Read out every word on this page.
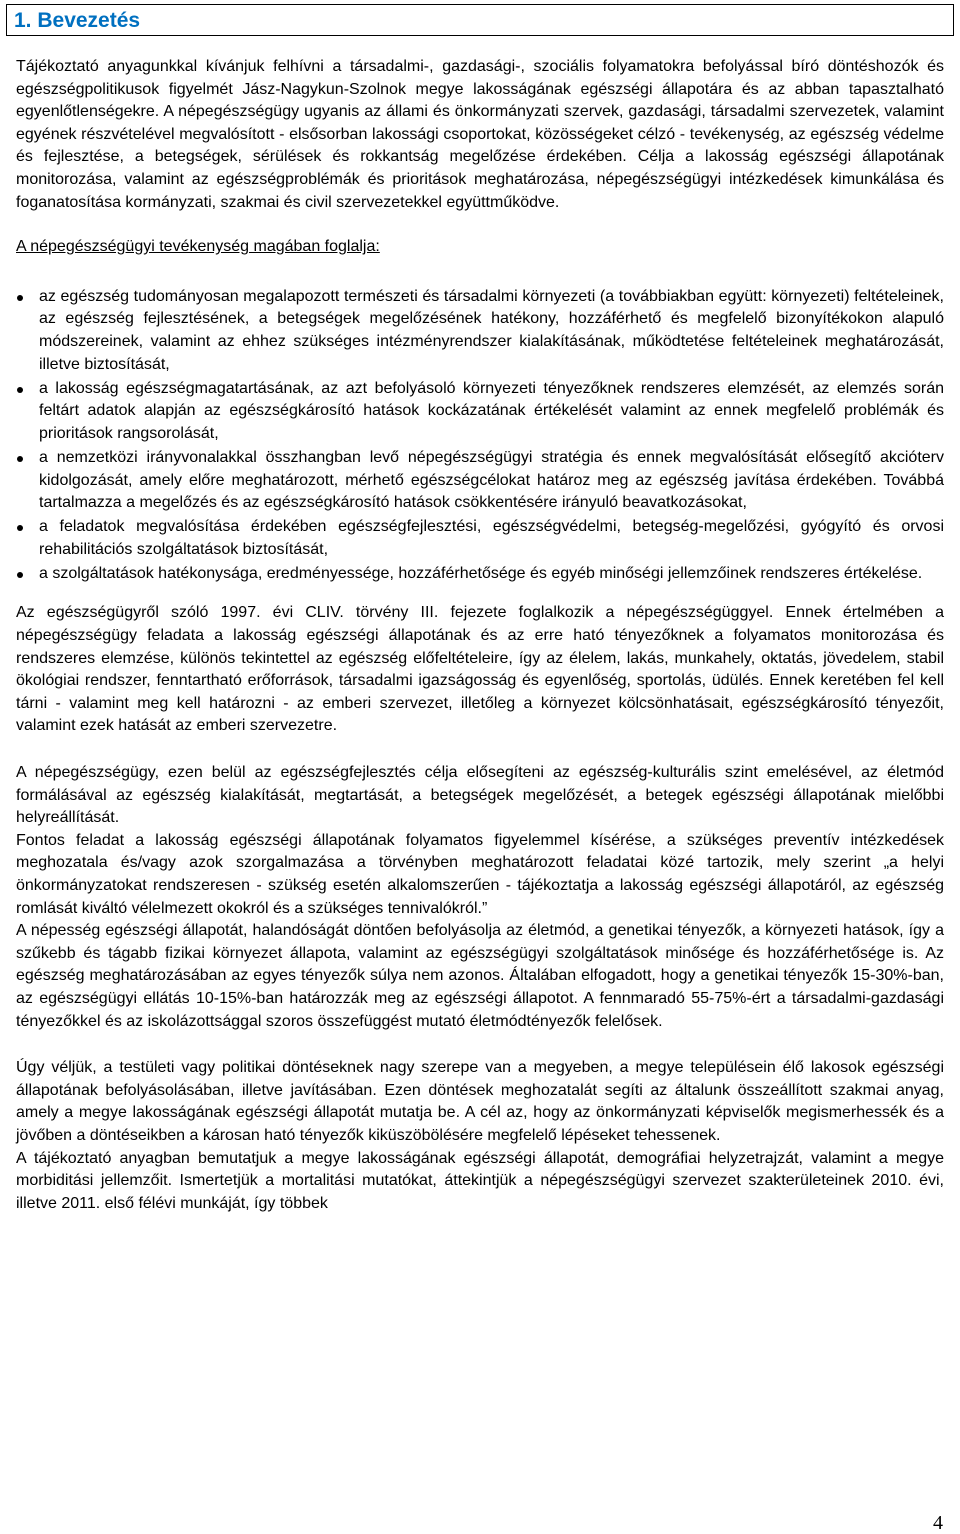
1. Bevezetés

Tájékoztató anyagunkkal kívánjuk felhívni a társadalmi-, gazdasági-, szociális folyamatokra befolyással bíró döntéshozók és egészségpolitikusok figyelmét Jász-Nagykun-Szolnok megye lakosságának egészségi állapotára és az abban tapasztalható egyenlőtlenségekre. A népegészségügy ugyanis az állami és önkormányzati szervek, gazdasági, társadalmi szervezetek, valamint egyének részvételével megvalósított - elsősorban lakossági csoportokat, közösségeket célzó - tevékenység, az egészség védelme és fejlesztése, a betegségek, sérülések és rokkantság megelőzése érdekében. Célja a lakosság egészségi állapotának monitorozása, valamint az egészségproblémák és prioritások meghatározása, népegészségügyi intézkedések kimunkálása és foganatosítása kormányzati, szakmai és civil szervezetekkel együttműködve.

A népegészségügyi tevékenység magában foglalja:

az egészség tudományosan megalapozott természeti és társadalmi környezeti (a továbbiakban együtt: környezeti) feltételeinek, az egészség fejlesztésének, a betegségek megelőzésének hatékony, hozzáférhető és megfelelő bizonyítékokon alapuló módszereinek, valamint az ehhez szükséges intézményrendszer kialakításának, működtetése feltételeinek meghatározását, illetve biztosítását,
a lakosság egészségmagatartásának, az azt befolyásoló környezeti tényezőknek rendszeres elemzését, az elemzés során feltárt adatok alapján az egészségkárosító hatások kockázatának értékelését valamint az ennek megfelelő problémák és prioritások rangsorolását,
a nemzetközi irányvonalakkal összhangban levő népegészségügyi stratégia és ennek megvalósítását elősegítő akcióterv kidolgozását, amely előre meghatározott, mérhető egészségcélokat határoz meg az egészség javítása érdekében. Továbbá tartalmazza a megelőzés és az egészségkárosító hatások csökkentésére irányuló beavatkozásokat,
a feladatok megvalósítása érdekében egészségfejlesztési, egészségvédelmi, betegség-megelőzési, gyógyító és orvosi rehabilitációs szolgáltatások biztosítását,
a szolgáltatások hatékonysága, eredményessége, hozzáférhetősége és egyéb minőségi jellemzőinek rendszeres értékelése.

Az egészségügyről szóló 1997. évi CLIV. törvény III. fejezete foglalkozik a népegészségüggyel. Ennek értelmében a népegészségügy feladata a lakosság egészségi állapotának és az erre ható tényezőknek a folyamatos monitorozása és rendszeres elemzése, különös tekintettel az egészség előfeltételeire, így az élelem, lakás, munkahely, oktatás, jövedelem, stabil ökológiai rendszer, fenntartható erőforrások, társadalmi igazságosság és egyenlőség, sportolás, üdülés. Ennek keretében fel kell tárni - valamint meg kell határozni - az emberi szervezet, illetőleg a környezet kölcsönhatásait, egészségkárosító tényezőit, valamint ezek hatását az emberi szervezetre.

A népegészségügy, ezen belül az egészségfejlesztés célja elősegíteni az egészség-kulturális szint emelésével, az életmód formálásával az egészség kialakítását, megtartását, a betegségek megelőzését, a betegek egészségi állapotának mielőbbi helyreállítását.

Fontos feladat a lakosság egészségi állapotának folyamatos figyelemmel kísérése, a szükséges preventív intézkedések meghozatala és/vagy azok szorgalmazása a törvényben meghatározott feladatai közé tartozik, mely szerint „a helyi önkormányzatokat rendszeresen - szükség esetén alkalomszerűen - tájékoztatja a lakosság egészségi állapotáról, az egészség romlását kiváltó vélelmezett okokról és a szükséges tennivalókról.”

A népesség egészségi állapotát, halandóságát döntően befolyásolja az életmód, a genetikai tényezők, a környezeti hatások, így a szűkebb és tágabb fizikai környezet állapota, valamint az egészségügyi szolgáltatások minősége és hozzáférhetősége is. Az egészség meghatározásában az egyes tényezők súlya nem azonos. Általában elfogadott, hogy a genetikai tényezők 15-30%-ban, az egészségügyi ellátás 10-15%-ban határozzák meg az egészségi állapotot. A fennmaradó 55-75%-ért a társadalmi-gazdasági tényezőkkel és az iskolázottsággal szoros összefüggést mutató életmódtényezők felelősek.

Úgy véljük, a testületi vagy politikai döntéseknek nagy szerepe van a megyeben, a megye településein élő lakosok egészségi állapotának befolyásolásában, illetve javításában. Ezen döntések meghozatalát segíti az általunk összeállított szakmai anyag, amely a megye lakosságának egészségi állapotát mutatja be. A cél az, hogy az önkormányzati képviselők megismerhessék és a jövőben a döntéseikben a károsan ható tényezők kiküszöbölésére megfelelő lépéseket tehessenek.

A tájékoztató anyagban bemutatjuk a megye lakosságának egészségi állapotát, demográfiai helyzetrajzát, valamint a megye morbiditási jellemzőit. Ismertetjük a mortalitási mutatókat, áttekintjük a népegészségügyi szervezet szakterületeinek 2010. évi, illetve 2011. első félévi munkáját, így többek

4
